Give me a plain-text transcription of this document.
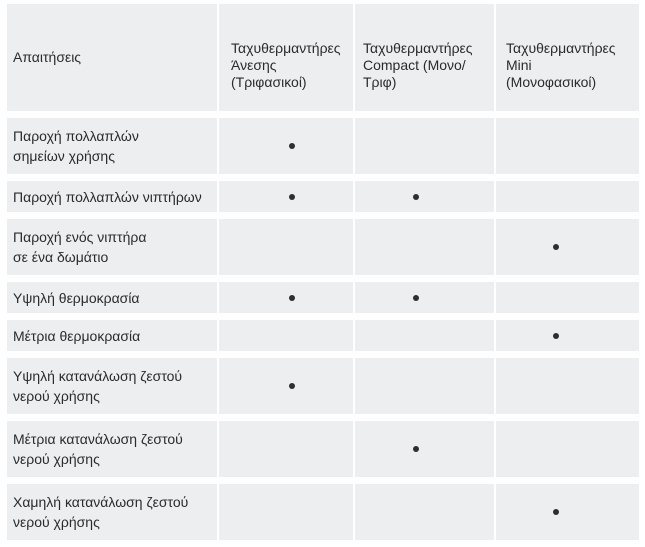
Απαιτήσεις
Ταχυθερμαντήρες
Άνεσης
(Τριφασικοί)
Ταχυθερμαντήρες
Compact (Μονο/
Τριφ)
Ταχυθερμαντήρες
Mini
(Μονοφασικοί)
Παροχή πολλαπλών
σημείων χρήσης
Παροχή πολλαπλών νιπτήρων
Παροχή ενός νιπτήρα
σε ένα δωμάτιο
Υψηλή θερμοκρασία
Μέτρια θερμοκρασία
Υψηλή κατανάλωση ζεστού
νερού χρήσης
Μέτρια κατανάλωση ζεστού
νερού χρήσης
Χαμηλή κατανάλωση ζεστού
νερού χρήσης
